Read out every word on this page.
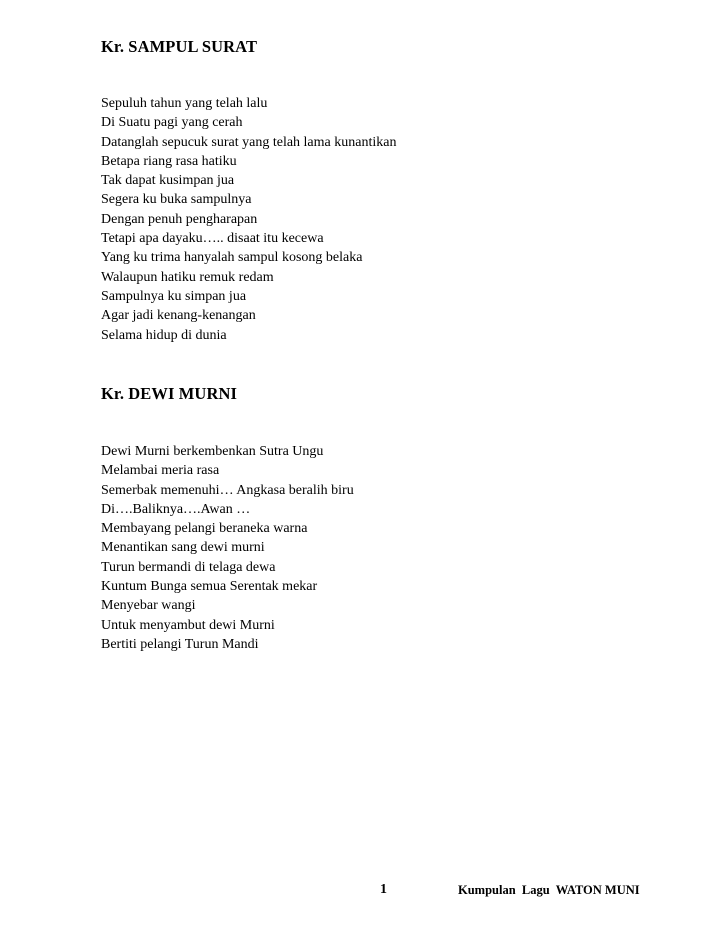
Kr. SAMPUL SURAT
Sepuluh tahun yang telah lalu
Di Suatu pagi yang cerah
Datanglah sepucuk surat yang telah lama kunantikan
Betapa riang rasa hatiku
Tak dapat kusimpan jua
Segera ku buka sampulnya
Dengan penuh pengharapan
Tetapi apa dayaku….. disaat itu kecewa
Yang ku trima hanyalah sampul kosong belaka
Walaupun hatiku remuk redam
Sampulnya ku simpan jua
Agar jadi kenang-kenangan
Selama hidup di dunia
Kr. DEWI MURNI
Dewi Murni berkembenkan Sutra Ungu
Melambai meria rasa
Semerbak memenuhi… Angkasa beralih biru
Di….Baliknya….Awan …
Membayang pelangi beraneka warna
Menantikan sang dewi murni
Turun bermandi di telaga dewa
Kuntum Bunga semua Serentak mekar
Menyebar wangi
Untuk menyambut dewi Murni
Bertiti pelangi Turun Mandi
1	Kumpulan  Lagu  WATON MUNI
